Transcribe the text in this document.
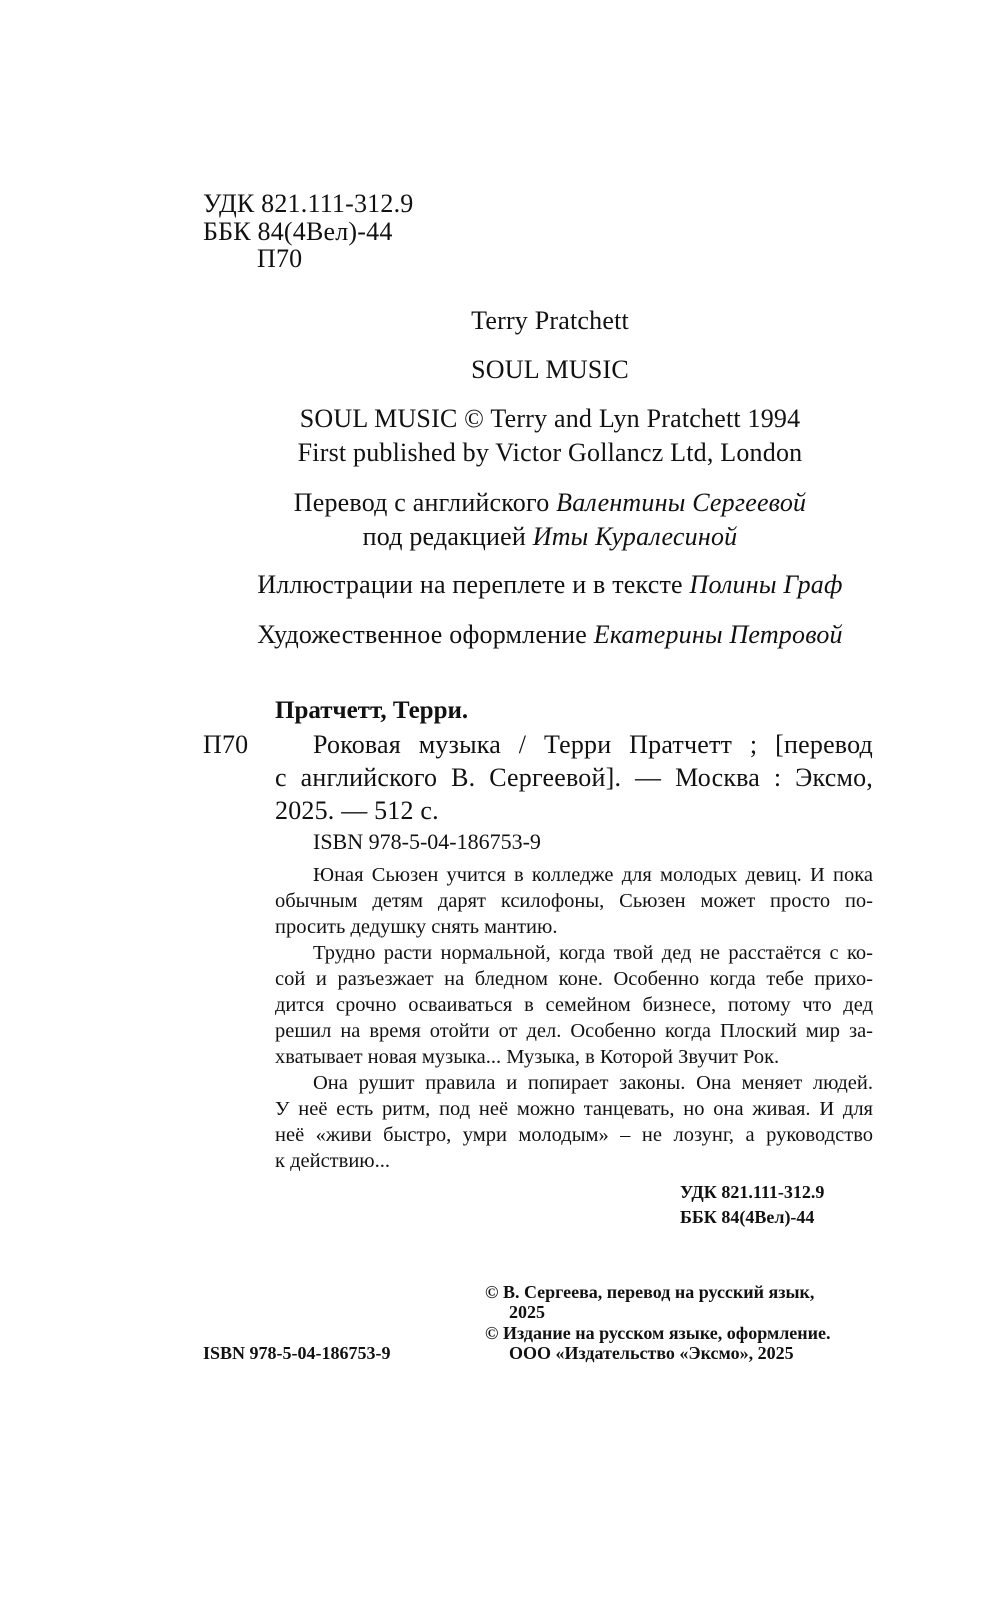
УДК 821.111-312.9
ББК 84(4Вел)-44
П70
Terry Pratchett
SOUL MUSIC
SOUL MUSIC © Terry and Lyn Pratchett 1994
First published by Victor Gollancz Ltd, London
Перевод с английского Валентины Сергеевой
под редакцией Иты Куралесиной
Иллюстрации на переплете и в тексте Полины Граф
Художественное оформление Екатерины Петровой
Пратчетт, Терри.
П70 Роковая музыка / Терри Пратчетт ; [перевод
с английского В. Сергеевой]. — Москва : Эксмо,
2025. — 512 с.
ISBN 978-5-04-186753-9
Юная Сьюзен учится в колледже для молодых девиц. И пока
обычным детям дарят ксилофоны, Сьюзен может просто по-
просить дедушку снять мантию.
Трудно расти нормальной, когда твой дед не расстаётся с ко-
сой и разъезжает на бледном коне. Особенно когда тебе прихо-
дится срочно осваиваться в семейном бизнесе, потому что дед
решил на время отойти от дел. Особенно когда Плоский мир за-
хватывает новая музыка... Музыка, в Которой Звучит Рок.
Она рушит правила и попирает законы. Она меняет людей.
У неё есть ритм, под неё можно танцевать, но она живая. И для
неё «живи быстро, умри молодым» – не лозунг, а руководство
к действию...
УДК 821.111-312.9
ББК 84(4Вел)-44
© В. Сергеева, перевод на русский язык,
2025
© Издание на русском языке, оформление.
ООО «Издательство «Эксмо», 2025
ISBN 978-5-04-186753-9
